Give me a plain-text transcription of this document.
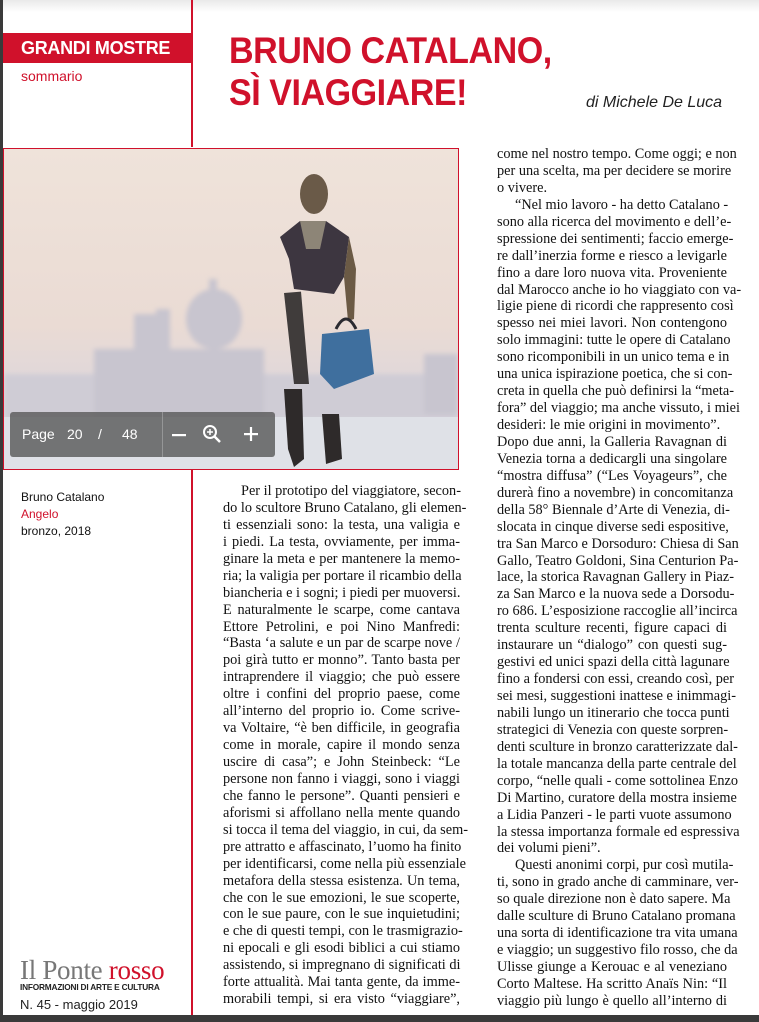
GRANDI MOSTRE
sommario
BRUNO CATALANO,
SÌ VIAGGIARE!	di Michele De Luca
Bruno Catalano
Angelo
bronzo, 2018
Per il prototipo del viaggiatore, secon-
do lo scultore Bruno Catalano, gli elemen-
ti essenziali sono: la testa, una valigia e
i piedi. La testa, ovviamente, per imma-
ginare la meta e per mantenere la memo-
ria; la valigia per portare il ricambio della
biancheria e i sogni; i piedi per muoversi.
E naturalmente le scarpe, come cantava
Ettore Petrolini, e poi Nino Manfredi:
“Basta ‘a salute e un par de scarpe nove /
poi girà tutto er monno”. Tanto basta per
intraprendere il viaggio; che può essere
oltre i confini del proprio paese, come
all’interno del proprio io. Come scrive-
va Voltaire, “è ben difficile, in geografia
come in morale, capire il mondo senza
uscire di casa”; e John Steinbeck: “Le
persone non fanno i viaggi, sono i viaggi
che fanno le persone”. Quanti pensieri e
aforismi si affollano nella mente quando
si tocca il tema del viaggio, in cui, da sem-
pre attratto e affascinato, l’uomo ha finito
per identificarsi, come nella più essenziale
metafora della stessa esistenza. Un tema,
che con le sue emozioni, le sue scoperte,
con le sue paure, con le sue inquietudini;
e che di questi tempi, con le trasmigrazio-
ni epocali e gli esodi biblici a cui stiamo
assistendo, si impregnano di significati di
forte attualità. Mai tanta gente, da imme-
morabili tempi, si era visto “viaggiare”,
come nel nostro tempo. Come oggi; e non
per una scelta, ma per decidere se morire
o vivere.
“Nel mio lavoro - ha detto Catalano -
sono alla ricerca del movimento e dell’e-
spressione dei sentimenti; faccio emerge-
re dall’inerzia forme e riesco a levigarle
fino a dare loro nuova vita. Proveniente
dal Marocco anche io ho viaggiato con va-
ligie piene di ricordi che rappresento così
spesso nei miei lavori. Non contengono
solo immagini: tutte le opere di Catalano
sono ricomponibili in un unico tema e in
una unica ispirazione poetica, che si con-
creta in quella che può definirsi la “meta-
fora” del viaggio; ma anche vissuto, i miei
desideri: le mie origini in movimento”.
Dopo due anni, la Galleria Ravagnan di
Venezia torna a dedicargli una singolare
“mostra diffusa” (“Les Voyageurs”, che
durerà fino a novembre) in concomitanza
della 58° Biennale d’Arte di Venezia, di-
slocata in cinque diverse sedi espositive,
tra San Marco e Dorsoduro: Chiesa di San
Gallo, Teatro Goldoni, Sina Centurion Pa-
lace, la storica Ravagnan Gallery in Piaz-
za San Marco e la nuova sede a Dorsodu-
ro 686. L’esposizione raccoglie all’incirca
trenta sculture recenti, figure capaci di
instaurare un “dialogo” con questi sug-
gestivi ed unici spazi della città lagunare
fino a fondersi con essi, creando così, per
sei mesi, suggestioni inattese e inimmagi-
nabili lungo un itinerario che tocca punti
strategici di Venezia con queste sorpren-
denti sculture in bronzo caratterizzate dal-
la totale mancanza della parte centrale del
corpo, “nelle quali - come sottolinea Enzo
Di Martino, curatore della mostra insieme
a Lidia Panzeri - le parti vuote assumono
la stessa importanza formale ed espressiva
dei volumi pieni”.
Questi anonimi corpi, pur così mutila-
ti, sono in grado anche di camminare, ver-
so quale direzione non è dato sapere. Ma
dalle sculture di Bruno Catalano promana
una sorta di identificazione tra vita umana
e viaggio; un suggestivo filo rosso, che da
Ulisse giunge a Kerouac e al veneziano
Corto Maltese. Ha scritto Anaïs Nin: “Il
viaggio più lungo è quello all’interno di
Il Ponte rosso
INFORMAZIONI DI ARTE E CULTURA
N. 45 - maggio 2019
Page 20 / 48
